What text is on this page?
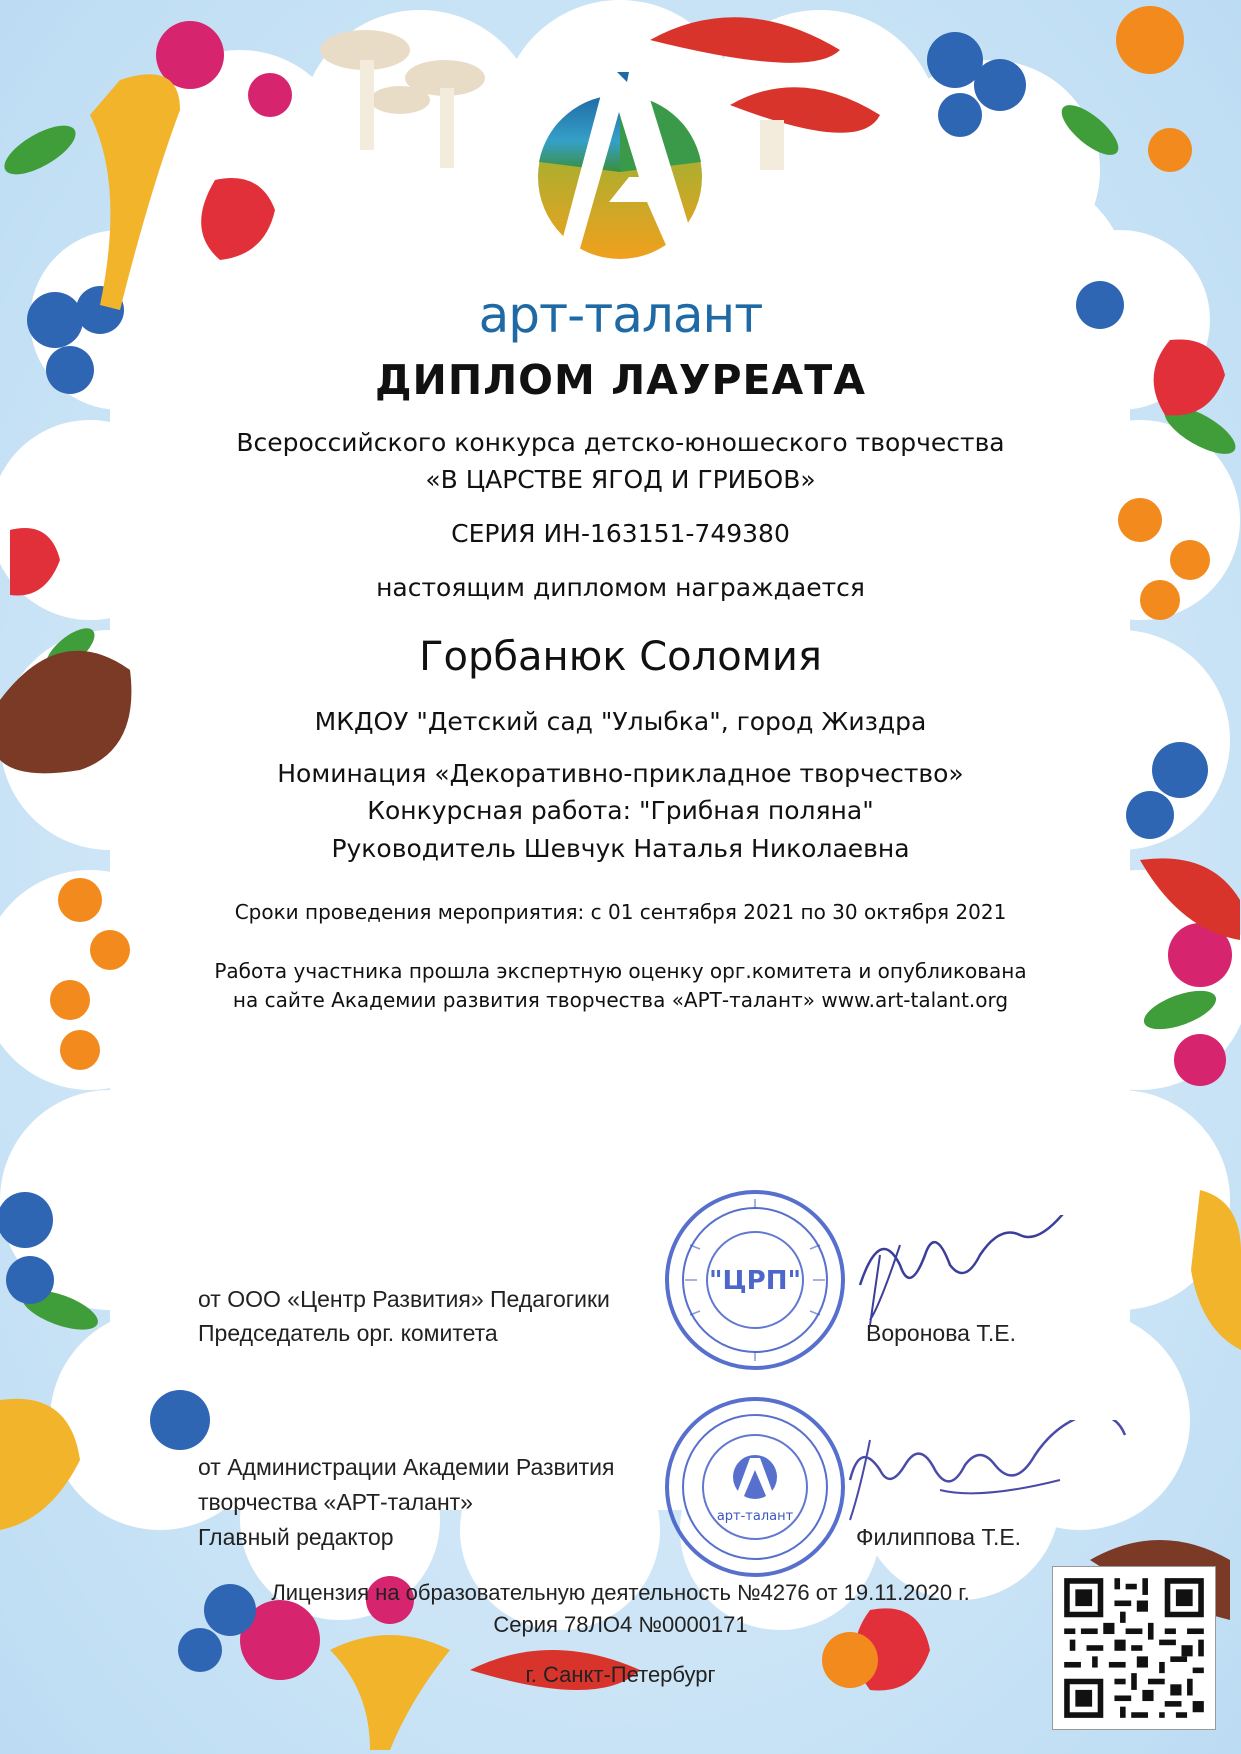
арт-талант
ДИПЛОМ ЛАУРЕАТА
Всероссийского конкурса детско-юношеского творчества
«В ЦАРСТВЕ ЯГОД И ГРИБОВ»
СЕРИЯ ИН-163151-749380
настоящим дипломом награждается
Горбанюк Соломия
МКДОУ "Детский сад "Улыбка", город Жиздра
Номинация «Декоративно-прикладное творчество»
Конкурсная работа: "Грибная поляна"
Руководитель Шевчук Наталья Николаевна
Сроки проведения мероприятия: с 01 сентября 2021 по 30 октября 2021
Работа участника прошла экспертную оценку орг.комитета и опубликована
на сайте Академии развития творчества «АРТ-талант» www.art-talant.org
от ООО «Центр Развития» Педагогики
Председатель орг. комитета	Воронова Т.Е.
"ЦРП"
от Администрации Академии Развития
творчества «АРТ-талант»
Главный редактор	Филиппова Т.Е.
арт-талант
Лицензия на образовательную деятельность №4276 от 19.11.2020 г.
Серия 78ЛО4 №0000171
г. Санкт-Петербург
